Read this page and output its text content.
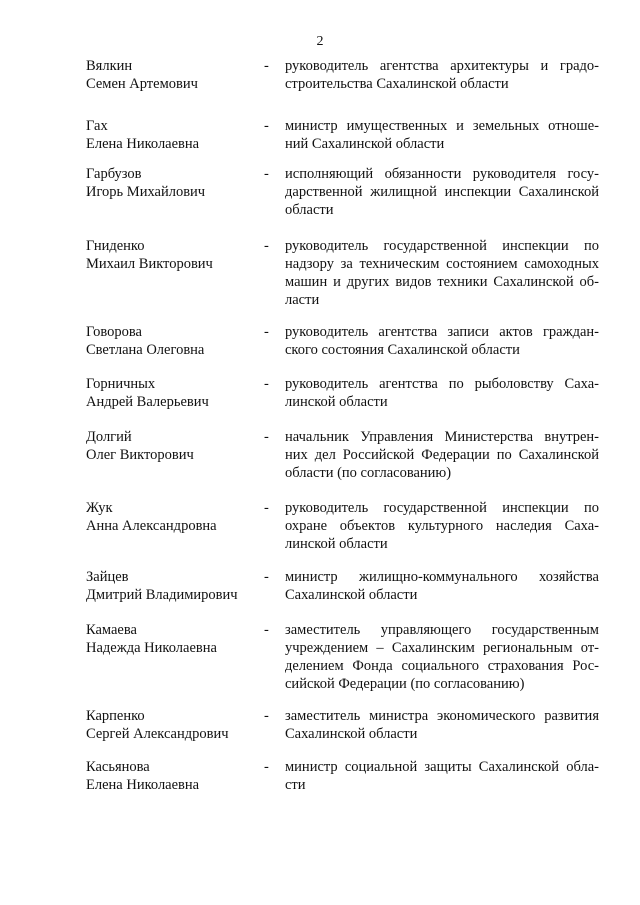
2
Вялкин
Семен Артемович
- руководитель агентства архитектуры и градо-
строительства Сахалинской области
Гах
Елена Николаевна
- министр имущественных и земельных отноше-
ний Сахалинской области
Гарбузов
Игорь Михайлович
- исполняющий обязанности руководителя госу-
дарственной жилищной инспекции Сахалинской
области
Гниденко
Михаил Викторович
- руководитель государственной инспекции по
надзору за техническим состоянием самоходных
машин и других видов техники Сахалинской об-
ласти
Говорова
Светлана Олеговна
- руководитель агентства записи актов граждан-
ского состояния Сахалинской области
Горничных
Андрей Валерьевич
- руководитель агентства по рыболовству Саха-
линской области
Долгий
Олег Викторович
- начальник Управления Министерства внутрен-
них дел Российской Федерации по Сахалинской
области (по согласованию)
Жук
Анна Александровна
- руководитель государственной инспекции по
охране объектов культурного наследия Саха-
линской области
Зайцев
Дмитрий Владимирович
- министр жилищно-коммунального хозяйства
Сахалинской области
Камаева
Надежда Николаевна
- заместитель управляющего государственным
учреждением – Сахалинским региональным от-
делением Фонда социального страхования Рос-
сийской Федерации (по согласованию)
Карпенко
Сергей Александрович
- заместитель министра экономического развития
Сахалинской области
Касьянова
Елена Николаевна
- министр социальной защиты Сахалинской обла-
сти
